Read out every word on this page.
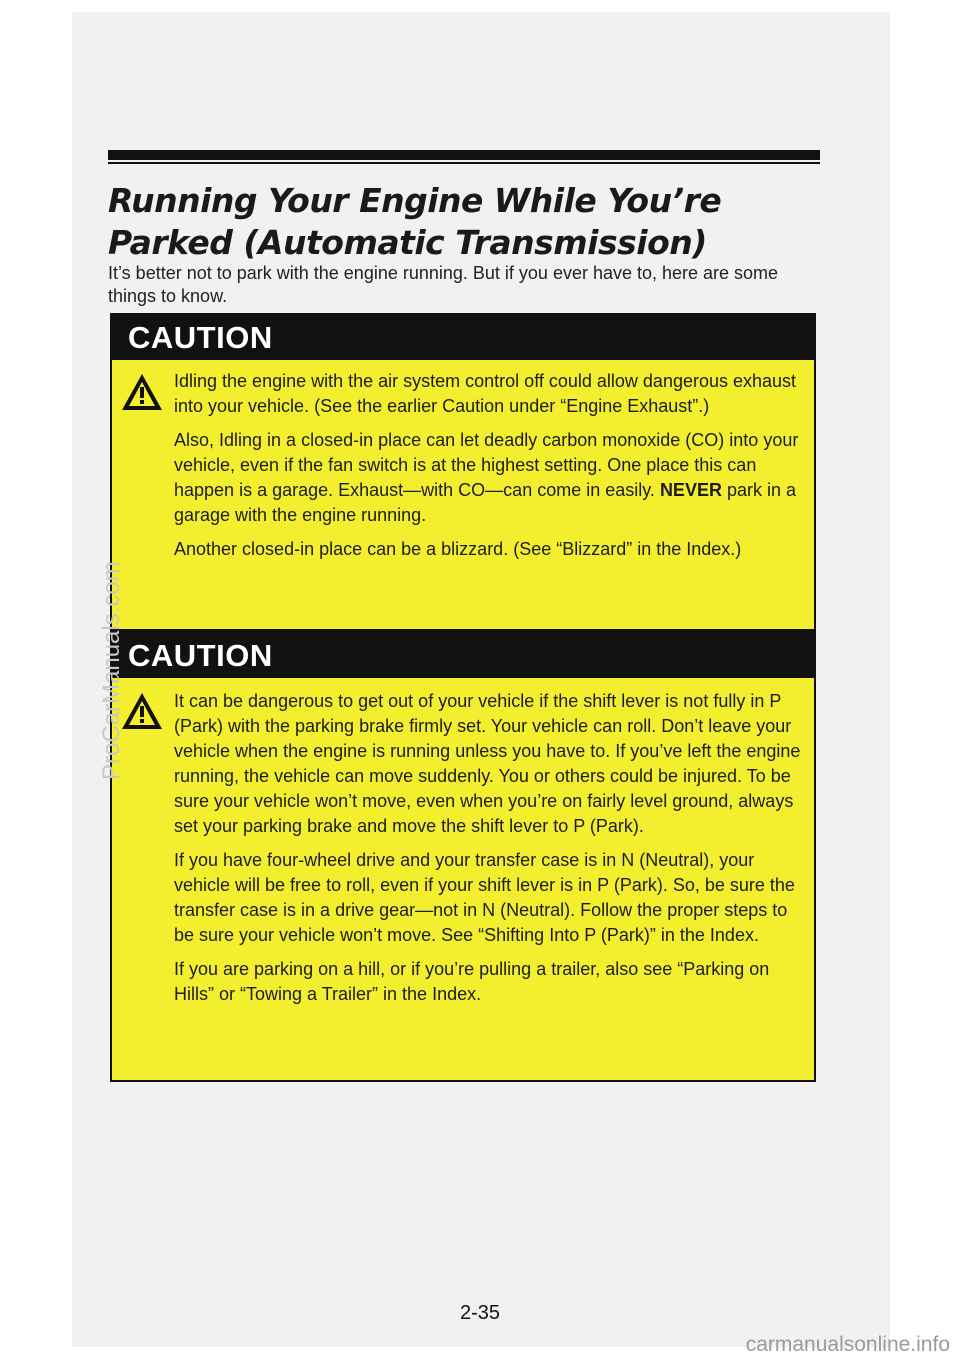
Running Your Engine While You’re
Parked (Automatic Transmission)

It’s better not to park with the engine running. But if you ever have to, here are some things to know.

CAUTION

Idling the engine with the air system control off could allow dangerous exhaust into your vehicle. (See the earlier Caution under “Engine Exhaust”.)

Also, Idling in a closed-in place can let deadly carbon monoxide (CO) into your vehicle, even if the fan switch is at the highest setting. One place this can happen is a garage. Exhaust—with CO—can come in easily. NEVER park in a garage with the engine running.

Another closed-in place can be a blizzard. (See “Blizzard” in the Index.)

CAUTION

It can be dangerous to get out of your vehicle if the shift lever is not fully in P (Park) with the parking brake firmly set. Your vehicle can roll. Don’t leave your vehicle when the engine is running unless you have to. If you’ve left the engine running, the vehicle can move suddenly. You or others could be injured. To be sure your vehicle won’t move, even when you’re on fairly level ground, always set your parking brake and move the shift lever to P (Park).

If you have four-wheel drive and your transfer case is in N (Neutral), your vehicle will be free to roll, even if your shift lever is in P (Park). So, be sure the transfer case is in a drive gear—not in N (Neutral). Follow the proper steps to be sure your vehicle won’t move. See “Shifting Into P (Park)” in the Index.

If you are parking on a hill, or if you’re pulling a trailer, also see “Parking on Hills” or “Towing a Trailer” in the Index.

2-35
ProCarManuals.com
carmanualsonline.info
